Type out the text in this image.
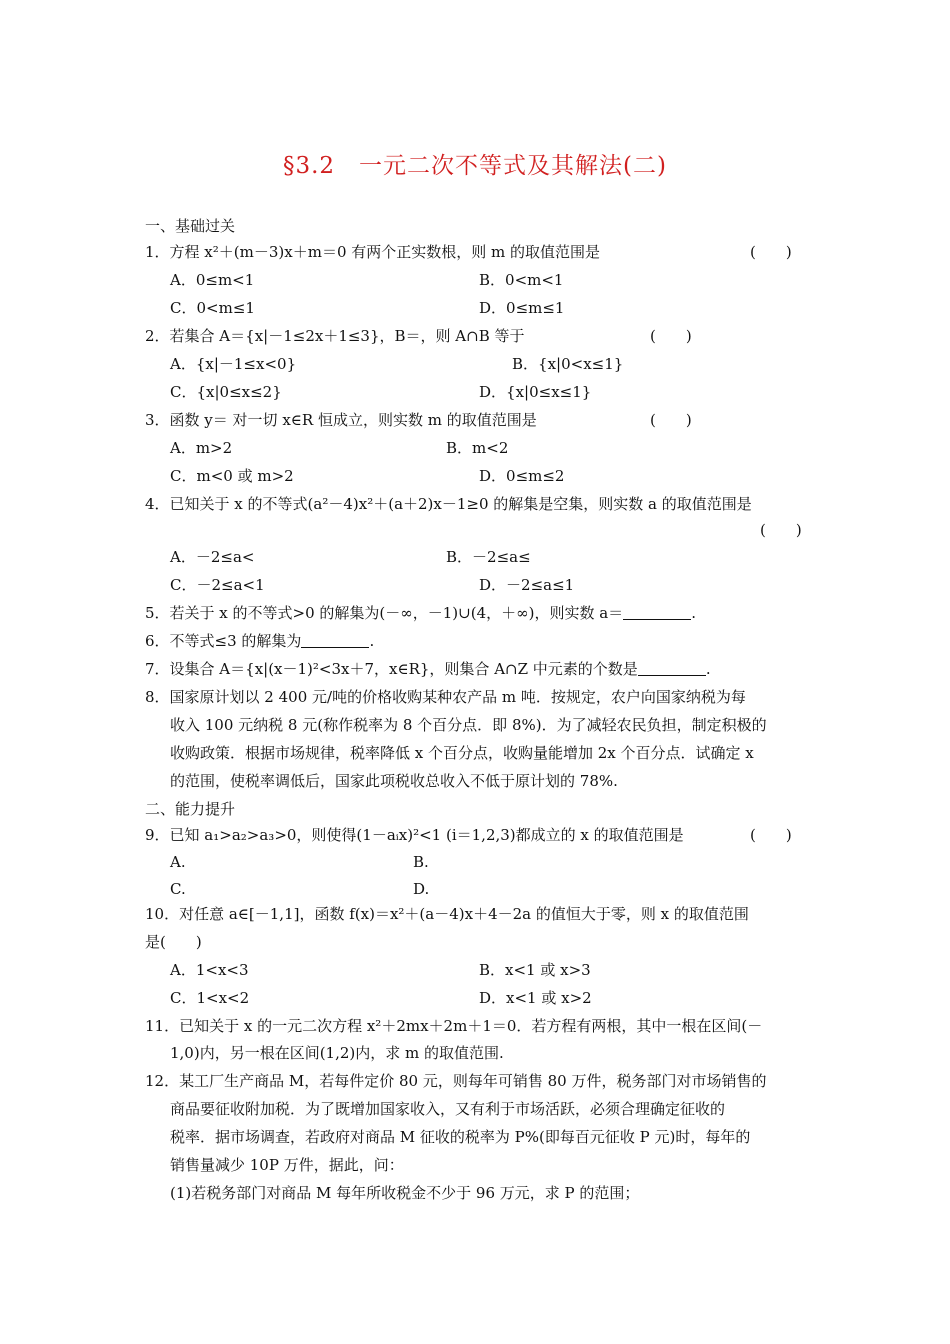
§3.2　一元二次不等式及其解法(二)
一、基础过关
1．方程 x²＋(m－3)x＋m＝0 有两个正实数根，则 m 的取值范围是	(　　)
A．0≤m<1	B．0<m<1
C．0<m≤1	D．0≤m≤1
2．若集合 A＝{x|－1≤2x＋1≤3}，B＝，则 A∩B 等于	(　　)
A．{x|－1≤x<0}	B．{x|0<x≤1}
C．{x|0≤x≤2}	D．{x|0≤x≤1}
3．函数 y＝ 对一切 x∈R 恒成立，则实数 m 的取值范围是	(　　)
A．m>2	B．m<2
C．m<0 或 m>2	D．0≤m≤2
4．已知关于 x 的不等式(a²－4)x²＋(a＋2)x－1≥0 的解集是空集，则实数 a 的取值范围是
(　　)
A．－2≤a<	B．－2≤a≤
C．－2≤a<1	D．－2≤a≤1
5．若关于 x 的不等式>0 的解集为(－∞，－1)∪(4，＋∞)，则实数 a＝	.
6．不等式≤3 的解集为	.
7．设集合 A＝{x|(x－1)²<3x＋7，x∈R}，则集合 A∩Z 中元素的个数是	.
8．国家原计划以 2 400 元/吨的价格收购某种农产品 m 吨．按规定，农户向国家纳税为每
收入 100 元纳税 8 元(称作税率为 8 个百分点．即 8%)．为了减轻农民负担，制定积极的
收购政策．根据市场规律，税率降低 x 个百分点，收购量能增加 2x 个百分点．试确定 x
的范围，使税率调低后，国家此项税收总收入不低于原计划的 78%.
二、能力提升
9．已知 a₁>a₂>a₃>0，则使得(1－aᵢx)²<1 (i＝1,2,3)都成立的 x 的取值范围是	(　　)
A.	B.
C.	D.
10．对任意 a∈[－1,1]，函数 f(x)＝x²＋(a－4)x＋4－2a 的值恒大于零，则 x 的取值范围
是(　　)
A．1<x<3	B．x<1 或 x>3
C．1<x<2	D．x<1 或 x>2
11．已知关于 x 的一元二次方程 x²＋2mx＋2m＋1＝0．若方程有两根，其中一根在区间(－
1,0)内，另一根在区间(1,2)内，求 m 的取值范围.
12．某工厂生产商品 M，若每件定价 80 元，则每年可销售 80 万件，税务部门对市场销售的
商品要征收附加税．为了既增加国家收入，又有利于市场活跃，必须合理确定征收的
税率．据市场调查，若政府对商品 M 征收的税率为 P%(即每百元征收 P 元)时，每年的
销售量减少 10P 万件，据此，问：
(1)若税务部门对商品 M 每年所收税金不少于 96 万元，求 P 的范围；
